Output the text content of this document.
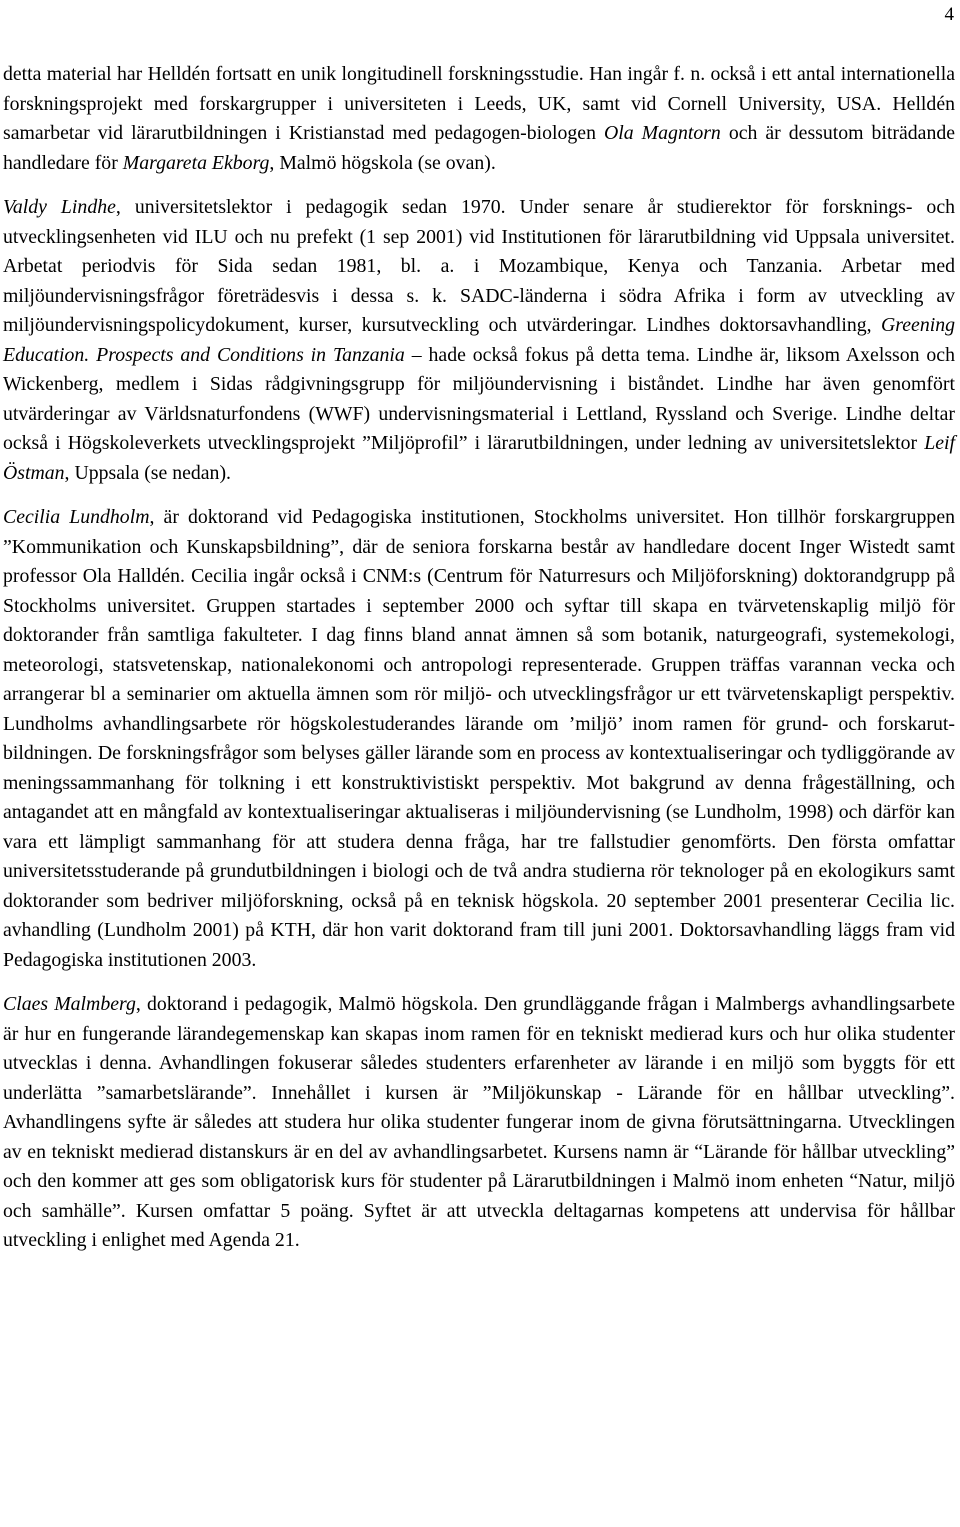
4

detta material har Helldén fortsatt en unik longitudinell forskningsstudie. Han ingår f. n. också i ett antal internationella forskningsprojekt med forskargrupper i universiteten i Leeds, UK, samt vid Cornell University, USA. Helldén samarbetar vid lärarutbildningen i Kristianstad med pedagogen-biologen Ola Magntorn och är dessutom biträdande handledare för Margareta Ekborg, Malmö högskola (se ovan).

Valdy Lindhe, universitetslektor i pedagogik sedan 1970. Under senare år studierektor för forsknings- och utvecklingsenheten vid ILU och nu prefekt (1 sep 2001) vid Institutionen för lärarutbildning vid Uppsala universitet. Arbetat periodvis för Sida sedan 1981, bl. a. i Mozambique, Kenya och Tanzania. Arbetar med miljöundervisningsfrågor företrädesvis i dessa s. k. SADC-länderna i södra Afrika i form av utveckling av miljöundervisningspolicydokument, kurser, kursutveckling och utvärderingar. Lindhes doktorsavhandling, Greening Education. Prospects and Conditions in Tanzania – hade också fokus på detta tema. Lindhe är, liksom Axelsson och Wickenberg, medlem i Sidas rådgivningsgrupp för miljöundervisning i biståndet. Lindhe har även genomfört utvärderingar av Världsnaturfondens (WWF) undervisningsmaterial i Lettland, Ryssland och Sverige. Lindhe deltar också i Högskoleverkets utvecklingsprojekt ”Miljöprofil” i lärarutbildningen, under ledning av universitetslektor Leif Östman, Uppsala (se nedan).

Cecilia Lundholm, är doktorand vid Pedagogiska institutionen, Stockholms universitet. Hon tillhör forskargruppen ”Kommunikation och Kunskapsbildning”, där de seniora forskarna består av handledare docent Inger Wistedt samt professor Ola Halldén. Cecilia ingår också i CNM:s (Centrum för Naturresurs och Miljöforskning) doktorandgrupp på Stockholms universitet. Gruppen startades i september 2000 och syftar till skapa en tvärvetenskaplig miljö för doktorander från samtliga fakulteter. I dag finns bland annat ämnen så som botanik, naturgeografi, systemekologi, meteorologi, statsvetenskap, nationalekonomi och antropologi representerade. Gruppen träffas varannan vecka och arrangerar bl a seminarier om aktuella ämnen som rör miljö- och utvecklingsfrågor ur ett tvärvetenskapligt perspektiv. Lundholms avhandlingsarbete rör högskolestuderandes lärande om ’miljö’ inom ramen för grund- och forskarutbildningen. De forskningsfrågor som belyses gäller lärande som en process av kontextualiseringar och tydliggörande av meningssammanhang för tolkning i ett konstruktivistiskt perspektiv. Mot bakgrund av denna frågeställning, och antagandet att en mångfald av kontextualiseringar aktualiseras i miljöundervisning (se Lundholm, 1998) och därför kan vara ett lämpligt sammanhang för att studera denna fråga, har tre fallstudier genomförts. Den första omfattar universitetsstuderande på grundutbildningen i biologi och de två andra studierna rör teknologer på en ekologikurs samt doktorander som bedriver miljöforskning, också på en teknisk högskola. 20 september 2001 presenterar Cecilia lic. avhandling (Lundholm 2001) på KTH, där hon varit doktorand fram till juni 2001. Doktorsavhandling läggs fram vid Pedagogiska institutionen 2003.

Claes Malmberg, doktorand i pedagogik, Malmö högskola. Den grundläggande frågan i Malmbergs avhandlingsarbete är hur en fungerande lärandegemenskap kan skapas inom ramen för en tekniskt medierad kurs och hur olika studenter utvecklas i denna. Avhandlingen fokuserar således studenters erfarenheter av lärande i en miljö som byggts för ett underlätta ”samarbetslärande”. Innehållet i kursen är ”Miljökunskap - Lärande för en hållbar utveckling”. Avhandlingens syfte är således att studera hur olika studenter fungerar inom de givna förutsättningarna. Utvecklingen av en tekniskt medierad distanskurs är en del av avhandlingsarbetet. Kursens namn är “Lärande för hållbar utveckling” och den kommer att ges som obligatorisk kurs för studenter på Lärarutbildningen i Malmö inom enheten “Natur, miljö och samhälle”. Kursen omfattar 5 poäng. Syftet är att utveckla deltagarnas kompetens att undervisa för hållbar utveckling i enlighet med Agenda 21.
